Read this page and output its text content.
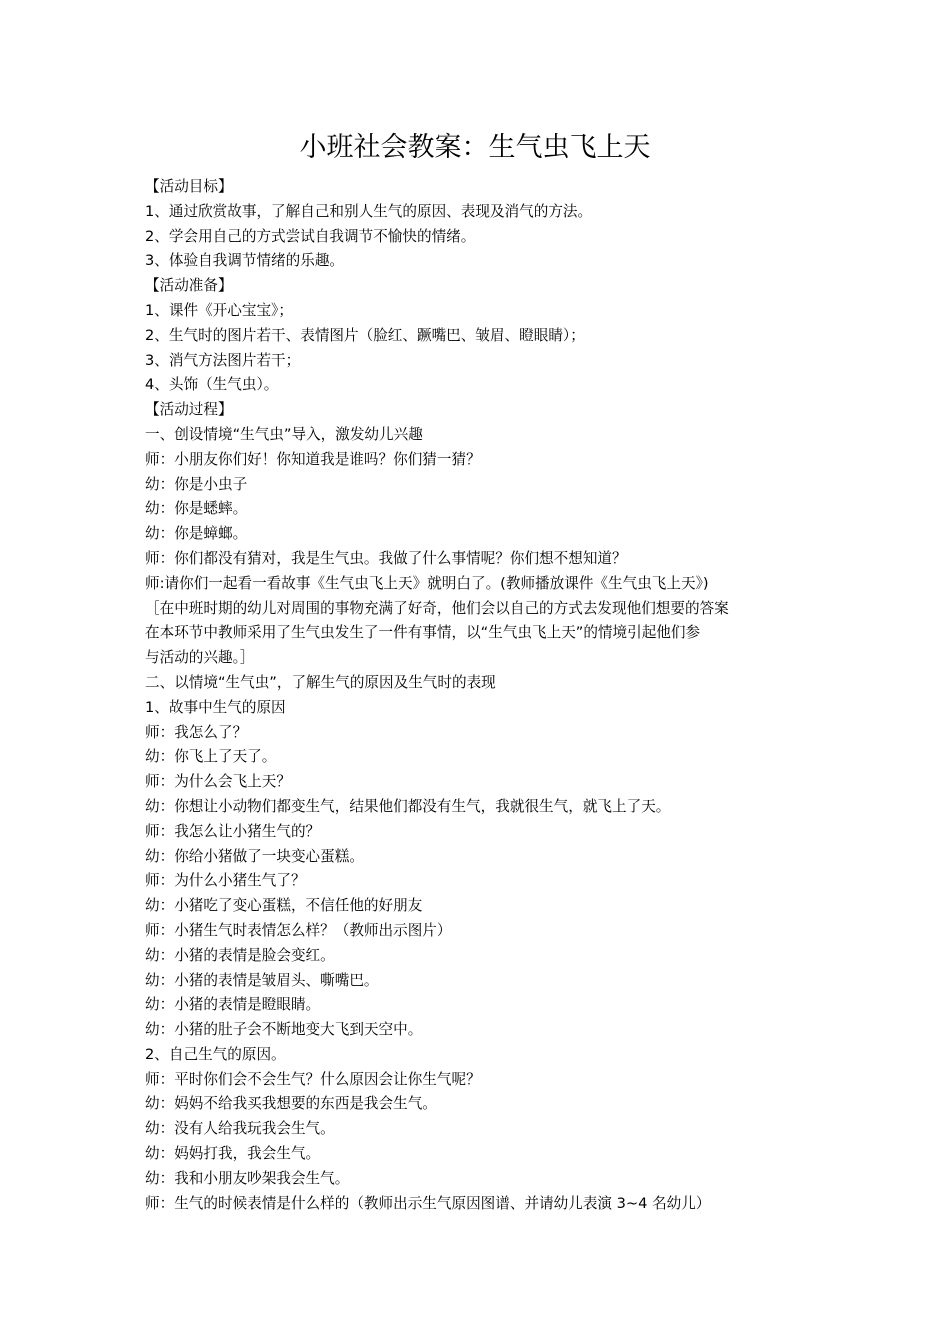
小班社会教案：生气虫飞上天
【活动目标】
1、通过欣赏故事，了解自己和别人生气的原因、表现及消气的方法。
2、学会用自己的方式尝试自我调节不愉快的情绪。
3、体验自我调节情绪的乐趣。
【活动准备】
1、课件《开心宝宝》；
2、生气时的图片若干、表情图片（脸红、蹶嘴巴、皱眉、瞪眼睛）；
3、消气方法图片若干；
4、头饰（生气虫）。
【活动过程】
一、创设情境“生气虫”导入，激发幼儿兴趣
师：小朋友你们好！你知道我是谁吗？你们猜一猜？
幼：你是小虫子
幼：你是蟋蟀。
幼：你是蟑螂。
师：你们都没有猜对，我是生气虫。我做了什么事情呢？你们想不想知道？
师:请你们一起看一看故事《生气虫飞上天》就明白了。(教师播放课件《生气虫飞上天》)
［在中班时期的幼儿对周围的事物充满了好奇，他们会以自己的方式去发现他们想要的答案
在本环节中教师采用了生气虫发生了一件有事情，以“生气虫飞上天”的情境引起他们参
与活动的兴趣。］
二、以情境“生气虫”，了解生气的原因及生气时的表现
1、故事中生气的原因
师：我怎么了？
幼：你飞上了天了。
师：为什么会飞上天？
幼：你想让小动物们都变生气，结果他们都没有生气，我就很生气，就飞上了天。
师：我怎么让小猪生气的？
幼：你给小猪做了一块变心蛋糕。
师：为什么小猪生气了？
幼：小猪吃了变心蛋糕，不信任他的好朋友
师：小猪生气时表情怎么样？（教师出示图片）
幼：小猪的表情是脸会变红。
幼：小猪的表情是皱眉头、嘶嘴巴。
幼：小猪的表情是瞪眼睛。
幼：小猪的肚子会不断地变大飞到天空中。
2、自己生气的原因。
师：平时你们会不会生气？什么原因会让你生气呢？
幼：妈妈不给我买我想要的东西是我会生气。
幼：没有人给我玩我会生气。
幼：妈妈打我，我会生气。
幼：我和小朋友吵架我会生气。
师：生气的时候表情是什么样的（教师出示生气原因图谱、并请幼儿表演 3~4 名幼儿）
